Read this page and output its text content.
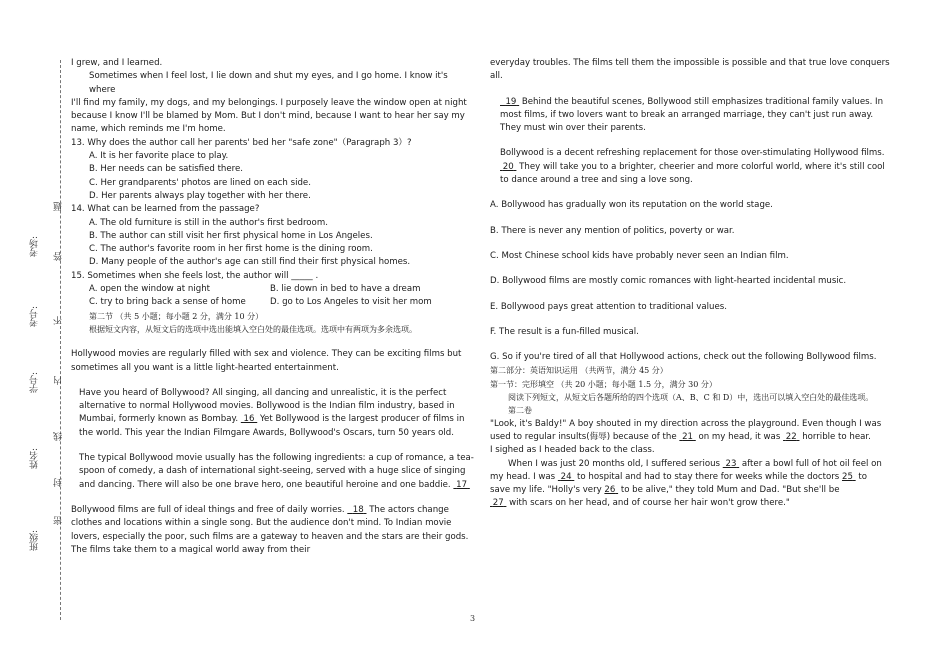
考场:
考号:
学号:
姓名:
班级:
题
答
不
内
线
封
密

I grew, and I learned.

Sometimes when I feel lost, I lie down and shut my eyes, and I go home. I know it's where

I'll find my family, my dogs, and my belongings. I purposely leave the window open at night

because I know I'll be blamed by Mom. But I don't mind, because I want to hear her say my name, which reminds me I'm home.

13. Why does the author call her parents' bed her "safe zone"（Paragraph 3）?

A. It is her favorite place to play.

B. Her needs can be satisfied there.

C. Her grandparents' photos are lined on each side.

D. Her parents always play together with her there.

14. What can be learned from the passage?

A. The old furniture is still in the author's first bedroom.

B. The author can still visit her first physical home in Los Angeles.

C. The author's favorite room in her first home is the dining room.

D. Many people of the author's age can still find their first physical homes.

15. Sometimes when she feels lost, the author will _____ .

A. open the window at night	B. lie down in bed to have a dream

C. try to bring back a sense of home	D. go to Los Angeles to visit her mom

第二节 （共 5 小题；每小题 2 分，满分 10 分）

根据短文内容，从短文后的选项中选出能填入空白处的最佳选项。选项中有两项为多余选项。

Hollywood movies are regularly filled with sex and violence. They can be exciting films but sometimes all you want is a little light-hearted entertainment.

Have you heard of Bollywood? All singing, all dancing and unrealistic, it is the perfect alternative to normal Hollywood movies. Bollywood is the Indian film industry, based in Mumbai, formerly known as Bombay. 16 Yet Bollywood is the largest producer of films in the world. This year the Indian Filmgare Awards, Bollywood's Oscars, turn 50 years old.

The typical Bollywood movie usually has the following ingredients: a cup of romance, a tea-spoon of comedy, a dash of international sight-seeing, served with a huge slice of singing and dancing. There will also be one brave hero, one beautiful heroine and one baddie. 17

Bollywood films are full of ideal things and free of daily worries. 18 The actors change clothes and locations within a single song. But the audience don't mind. To Indian movie lovers, especially the poor, such films are a gateway to heaven and the stars are their gods. The films take them to a magical world away from their

everyday troubles. The films tell them the impossible is possible and that true love conquers all.

19 Behind the beautiful scenes, Bollywood still emphasizes traditional family values. In most films, if two lovers want to break an arranged marriage, they can't just run away. They must win over their parents.

Bollywood is a decent refreshing replacement for those over-stimulating Hollywood films.  20 They will take you to a brighter, cheerier and more colorful world, where it's still cool to dance around a tree and sing a love song.

A. Bollywood has gradually won its reputation on the world stage.

B. There is never any mention of politics, poverty or war.

C. Most Chinese school kids have probably never seen an Indian film.

D. Bollywood films are mostly comic romances with light-hearted incidental music.

E. Bollywood pays great attention to traditional values.

F. The result is a fun-filled musical.

G. So if you're tired of all that Hollywood actions, check out the following Bollywood films.

第二部分：英语知识运用 （共两节，满分 45 分）

第一节：完形填空 （共 20 小题；每小题 1.5 分，满分 30 分）

阅读下列短文，从短文后各题所给的四个选项（A、B、C 和 D）中，选出可以填入空白处的最佳选项。

第二卷

"Look, it's Baldy!" A boy shouted in my direction across the playground. Even though I was

used to regular insults(侮辱) because of the 21 on my head, it was 22 horrible to hear.

I sighed as I headed back to the class.

When I was just 20 months old, I suffered serious 23 after a bowl full of hot oil feel on

my head. I was 24 to hospital and had to stay there for weeks while the doctors 25 to

save my life. "Holly's very 26 to be alive," they told Mum and Dad. "But she'll be

27 with scars on her head, and of course her hair won't grow there."

3
